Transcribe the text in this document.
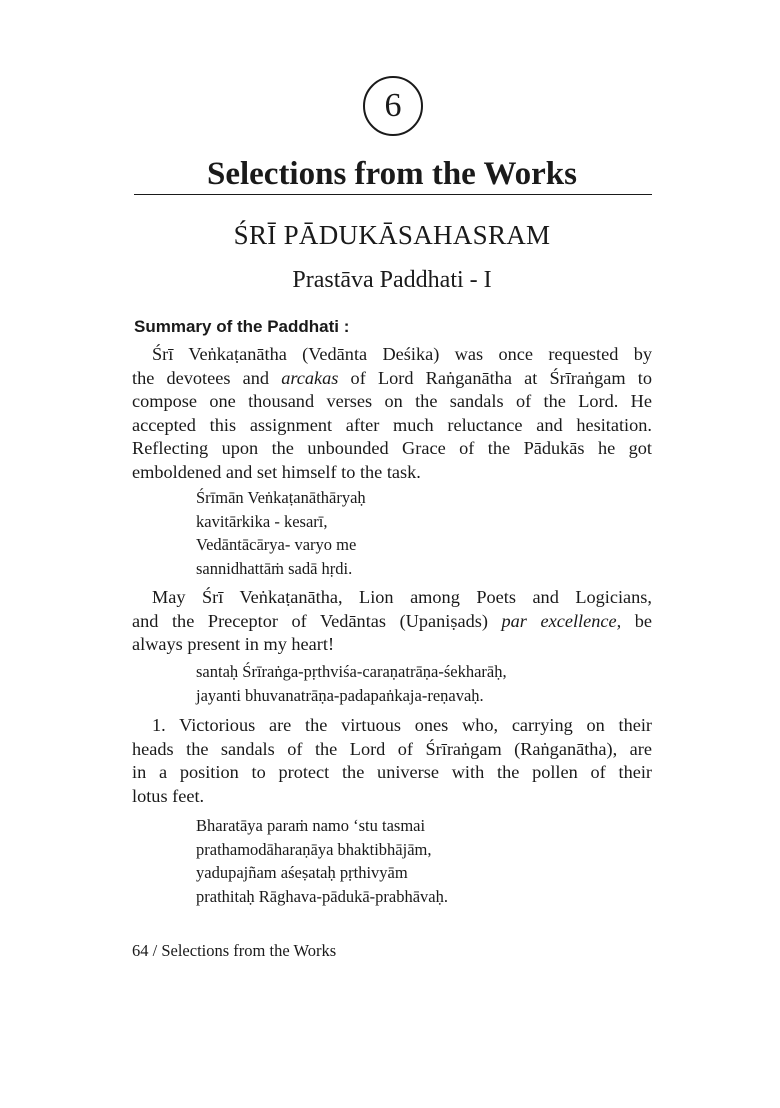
6
Selections from the Works
ŚRĪ PĀDUKĀSAHASRAM
Prastāva Paddhati - I
Summary of the Paddhati :
Śrī Veṅkaṭanātha (Vedānta Deśika) was once requested by
the devotees and arcakas of Lord Raṅganātha at Śrīraṅgam to
compose one thousand verses on the sandals of the Lord. He
accepted this assignment after much reluctance and hesitation.
Reflecting upon the unbounded Grace of the Pādukās he got
emboldened and set himself to the task.
Śrīmān Veṅkaṭanāthāryaḥ
kavitārkika - kesarī,
Vedāntācārya- varyo me
sannidhattāṁ sadā hṛdi.
May Śrī Veṅkaṭanātha, Lion among Poets and Logicians,
and the Preceptor of Vedāntas (Upaniṣads) par excellence, be
always present in my heart!
santaḥ Śrīraṅga-pṛthviśa-caraṇatrāṇa-śekharāḥ,
jayanti bhuvanatrāṇa-padapaṅkaja-reṇavaḥ.
1. Victorious are the virtuous ones who, carrying on their
heads the sandals of the Lord of Śrīraṅgam (Raṅganātha), are
in a position to protect the universe with the pollen of their
lotus feet.
Bharatāya paraṁ namo ‘stu tasmai
prathamodāharaṇāya bhaktibhājām,
yadupajñam aśeṣataḥ pṛthivyām
prathitaḥ Rāghava-pādukā-prabhāvaḥ.
64 / Selections from the Works
